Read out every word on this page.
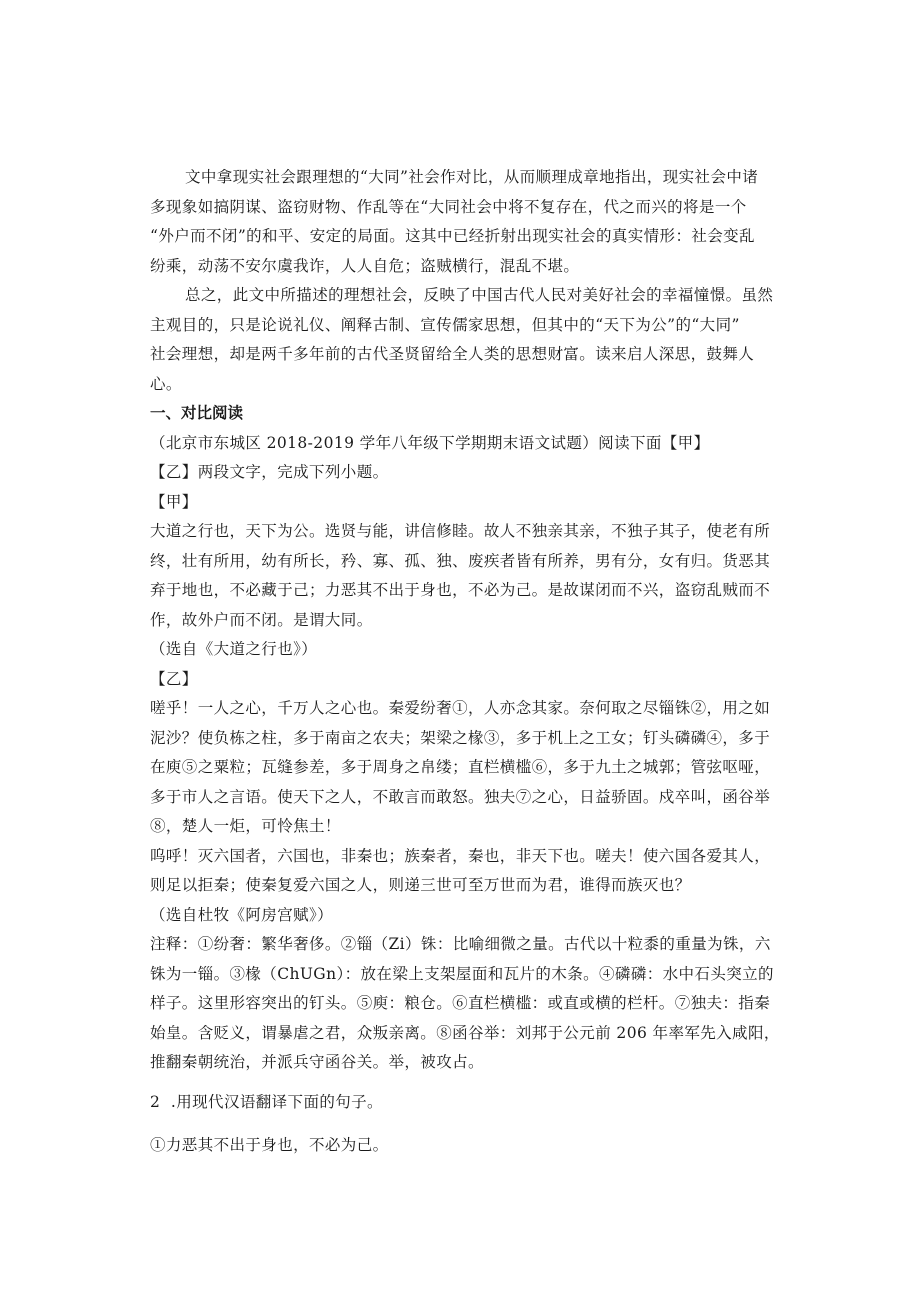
文中拿现实社会跟理想的“大同”社会作对比，从而顺理成章地指出，现实社会中诸

多现象如搞阴谋、盗窃财物、作乱等在“大同社会中将不复存在，代之而兴的将是一个

“外户而不闭”的和平、安定的局面。这其中已经折射出现实社会的真实情形：社会变乱

纷乘，动荡不安尔虞我诈，人人自危；盗贼横行，混乱不堪。

总之，此文中所描述的理想社会，反映了中国古代人民对美好社会的幸福憧憬。虽然

主观目的，只是论说礼仪、阐释古制、宣传儒家思想，但其中的“天下为公”的“大同”

社会理想，却是两千多年前的古代圣贤留给全人类的思想财富。读来启人深思，鼓舞人

心。

一、对比阅读

（北京市东城区 2018-2019 学年八年级下学期期末语文试题）阅读下面【甲】

【乙】两段文字，完成下列小题。

【甲】

大道之行也，天下为公。选贤与能，讲信修睦。故人不独亲其亲，不独子其子，使老有所

终，壮有所用，幼有所长，矜、寡、孤、独、废疾者皆有所养，男有分，女有归。货恶其

弃于地也，不必藏于己；力恶其不出于身也，不必为己。是故谋闭而不兴，盗窃乱贼而不

作，故外户而不闭。是谓大同。

（选自《大道之行也》）

【乙】

嗟乎！一人之心，千万人之心也。秦爱纷奢①，人亦念其家。奈何取之尽锱铢②，用之如

泥沙？使负栋之柱，多于南亩之农夫；架梁之椽③，多于机上之工女；钉头磷磷④，多于

在庾⑤之粟粒；瓦缝参差，多于周身之帛缕；直栏横槛⑥，多于九土之城郭；管弦呕哑，

多于市人之言语。使天下之人，不敢言而敢怒。独夫⑦之心，日益骄固。戍卒叫，函谷举

⑧，楚人一炬，可怜焦土！

呜呼！灭六国者，六国也，非秦也；族秦者，秦也，非天下也。嗟夫！使六国各爱其人，

则足以拒秦；使秦复爱六国之人，则递三世可至万世而为君，谁得而族灭也？

（选自杜牧《阿房宫赋》）

注释：①纷奢：繁华奢侈。②锱（Zi）铢：比喻细微之量。古代以十粒黍的重量为铢，六

铢为一锱。③椽（ChUGn）：放在梁上支架屋面和瓦片的木条。④磷磷：水中石头突立的

样子。这里形容突出的钉头。⑤庾：粮仓。⑥直栏横槛：或直或横的栏杆。⑦独夫：指秦

始皇。含贬义，谓暴虐之君，众叛亲离。⑧函谷举：刘邦于公元前 206 年率军先入咸阳，

推翻秦朝统治，并派兵守函谷关。举，被攻占。

2 .用现代汉语翻译下面的句子。

①力恶其不出于身也，不必为己。
